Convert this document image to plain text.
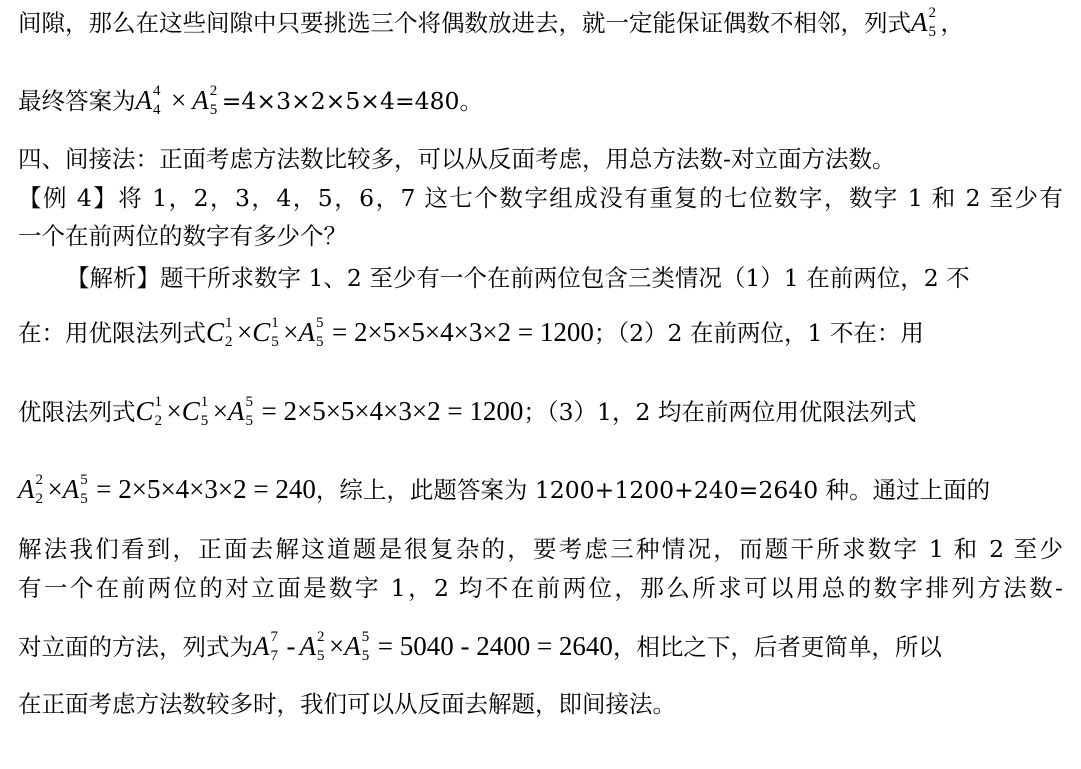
间隙，那么在这些间隙中只要挑选三个将偶数放进去，就一定能保证偶数不相邻，列式A 2
5 ，
最终答案为A 4
4 × A 2
5 =4×3×2×5×4=480。
四、间接法：正面考虑方法数比较多，可以从反面考虑，用总方法数-对立面方法数。
【例 4】将 1，2，3，4，5，6，7 这七个数字组成没有重复的七位数字，数字 1 和 2 至少有
一个在前两位的数字有多少个？
【解析】题干所求数字 1、2 至少有一个在前两位包含三类情况（1）1 在前两位，2 不
在：用优限法列式C 1
2 ×C 1
5 ×A 5
5 = 2×5×5×4×3×2 = 1200；（2）2 在前两位，1 不在：用
优限法列式C 1
2 ×C 1
5 ×A 5
5 = 2×5×5×4×3×2 = 1200；（3）1，2 均在前两位用优限法列式
A 2
2 ×A 5
5 = 2×5×4×3×2 = 240，综上，此题答案为 1200+1200+240=2640 种。通过上面的
解法我们看到，正面去解这道题是很复杂的，要考虑三种情况，而题干所求数字 1 和 2 至少
有一个在前两位的对立面是数字 1，2 均不在前两位，那么所求可以用总的数字排列方法数-
对立面的方法，列式为A 7
7 - A 2
5 ×A 5
5 = 5040 - 2400 = 2640，相比之下，后者更简单，所以
在正面考虑方法数较多时，我们可以从反面去解题，即间接法。
